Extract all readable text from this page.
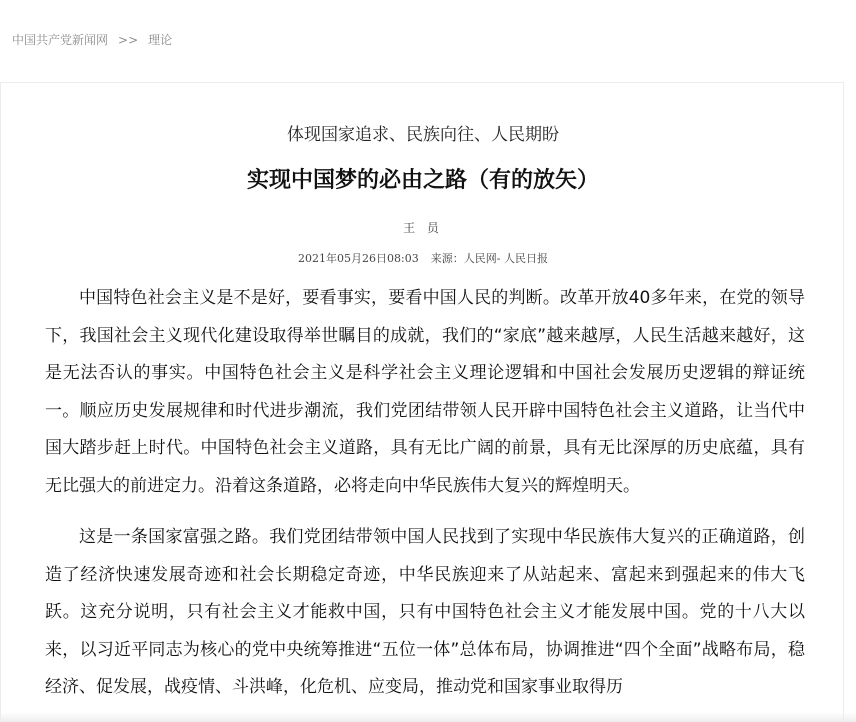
中国共产党新闻网 >> 理论
体现国家追求、民族向往、人民期盼
实现中国梦的必由之路（有的放矢）
王 员
2021年05月26日08:03 来源：人民网- 人民日报

中国特色社会主义是不是好，要看事实，要看中国人民的判断。改革开放40多年来，在党的领导下，我国社会主义现代化建设取得举世瞩目的成就，我们的“家底”越来越厚，人民生活越来越好，这是无法否认的事实。中国特色社会主义是科学社会主义理论逻辑和中国社会发展历史逻辑的辩证统一。顺应历史发展规律和时代进步潮流，我们党团结带领人民开辟中国特色社会主义道路，让当代中国大踏步赶上时代。中国特色社会主义道路，具有无比广阔的前景，具有无比深厚的历史底蕴，具有无比强大的前进定力。沿着这条道路，必将走向中华民族伟大复兴的辉煌明天。

这是一条国家富强之路。我们党团结带领中国人民找到了实现中华民族伟大复兴的正确道路，创造了经济快速发展奇迹和社会长期稳定奇迹，中华民族迎来了从站起来、富起来到强起来的伟大飞跃。这充分说明，只有社会主义才能救中国，只有中国特色社会主义才能发展中国。党的十八大以来，以习近平同志为核心的党中央统筹推进“五位一体”总体布局，协调推进“四个全面”战略布局，稳经济、促发展，战疫情、斗洪峰，化危机、应变局，推动党和国家事业取得历
